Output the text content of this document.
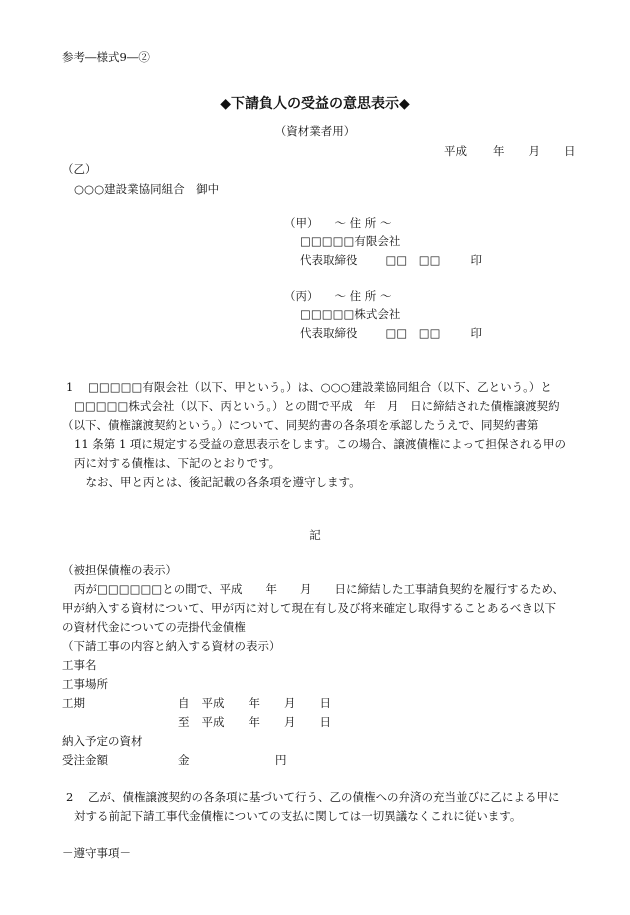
参考―様式9―②
◆下請負人の受益の意思表示◆
（資材業者用）
平成 年 月 日
（乙）
○○○建設業協同組合　御中
（甲） ～ 住 所 ～
□□□□□有限会社
代表取締役 □□　□□	印
（丙） ～ 住 所 ～
□□□□□株式会社
代表取締役 □□　□□	印
1 □□□□□有限会社（以下、甲という。）は、○○○建設業協同組合（以下、乙という。）と
□□□□□株式会社（以下、丙という。）との間で平成　年　月　日に締結された債権譲渡契約
（以下、債権譲渡契約という。）について、同契約書の各条項を承認したうえで、同契約書第
11 条第 1 項に規定する受益の意思表示をします。この場合、譲渡債権によって担保される甲の
丙に対する債権は、下記のとおりです。
　なお、甲と丙とは、後記記載の各条項を遵守します。
記
（被担保債権の表示）
丙が□□□□□□との間で、平成　　年　　月　　日に締結した工事請負契約を履行するため、
甲が納入する資材について、甲が丙に対して現在有し及び将来確定し取得することあるべき以下
の資材代金についての売掛代金債権
（下請工事の内容と納入する資材の表示）
工事名
工事場所
工期	自 平成 年 月 日
至 平成 年 月 日
納入予定の資材
受注金額	金	円
2 乙が、債権譲渡契約の各条項に基づいて行う、乙の債権への弁済の充当並びに乙による甲に
対する前記下請工事代金債権についての支払に関しては一切異議なくこれに従います。
－遵守事項－
